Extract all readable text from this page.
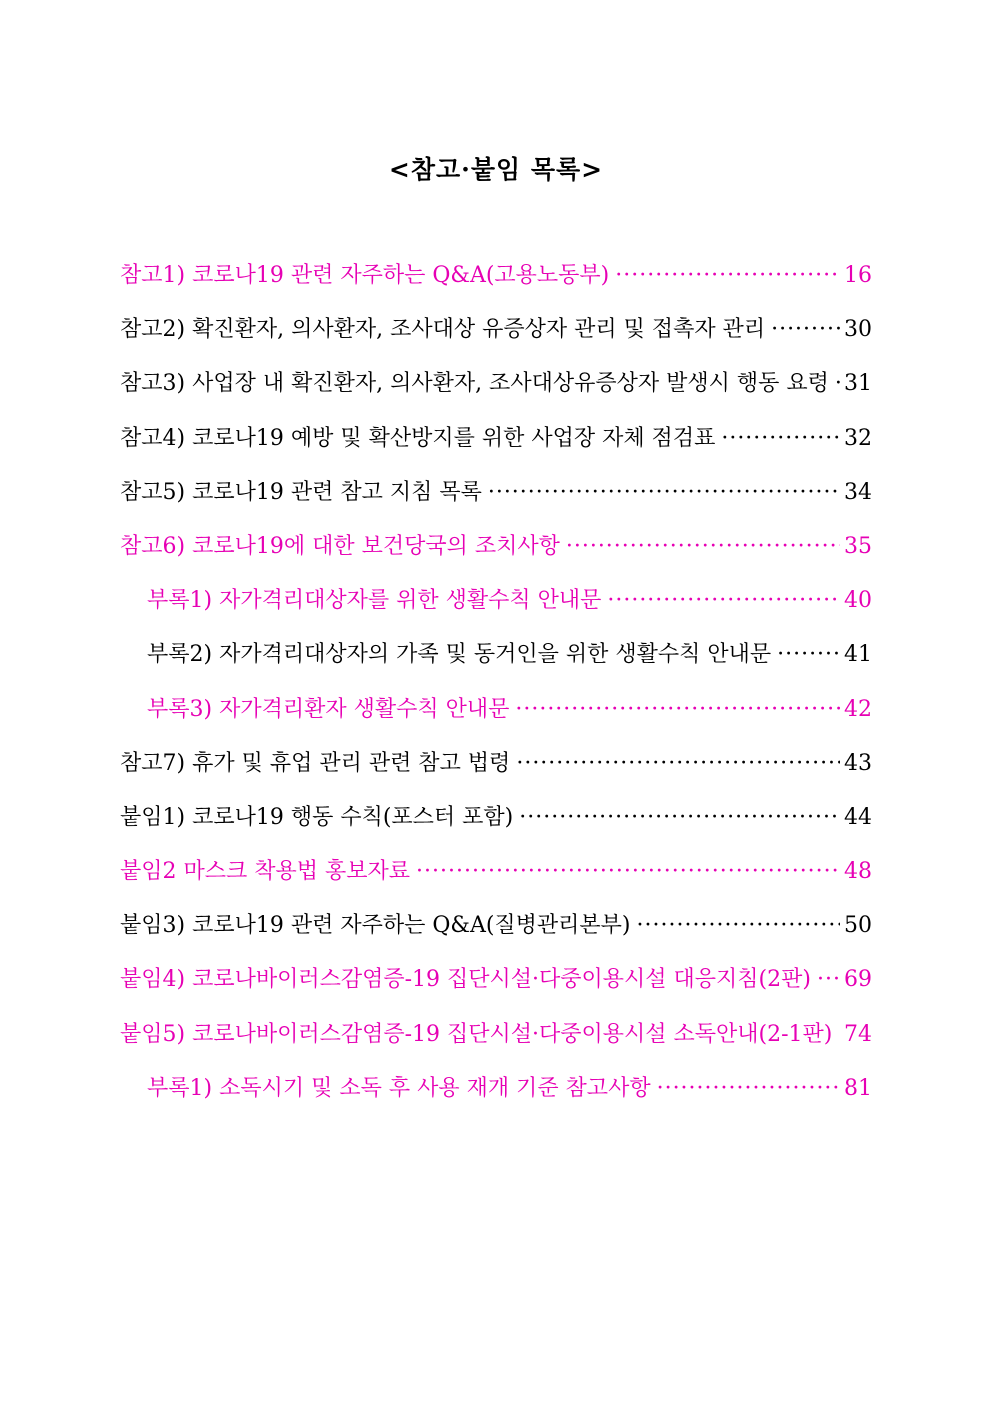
<참고·붙임 목록>
참고1) 코로나19 관련 자주하는 Q&A(고용노동부) ·····	16
참고2) 확진환자, 의사환자, 조사대상 유증상자 관리 및 접촉자 관리 ·····	30
참고3) 사업장 내 확진환자, 의사환자, 조사대상유증상자 발생시 행동 요령 ····· 31
참고4) 코로나19 예방 및 확산방지를 위한 사업장 자체 점검표 ·····	32
참고5) 코로나19 관련 참고 지침 목록 ·····	34
참고6) 코로나19에 대한 보건당국의 조치사항 ·····	35
부록1) 자가격리대상자를 위한 생활수칙 안내문 ·····	40
부록2) 자가격리대상자의 가족 및 동거인을 위한 생활수칙 안내문 ·····	41
부록3) 자가격리환자 생활수칙 안내문 ·····	42
참고7) 휴가 및 휴업 관리 관련 참고 법령 ·····	43
붙임1) 코로나19 행동 수칙(포스터 포함) ·····	44
붙임2 마스크 착용법 홍보자료 ·····	48
붙임3) 코로나19 관련 자주하는 Q&A(질병관리본부) ·····	50
붙임4) 코로나바이러스감염증-19 집단시설·다중이용시설 대응지침(2판) ····· 69
붙임5) 코로나바이러스감염증-19 집단시설·다중이용시설 소독안내(2-1판) ····· 74
부록1) 소독시기 및 소독 후 사용 재개 기준 참고사항 ·····	81
